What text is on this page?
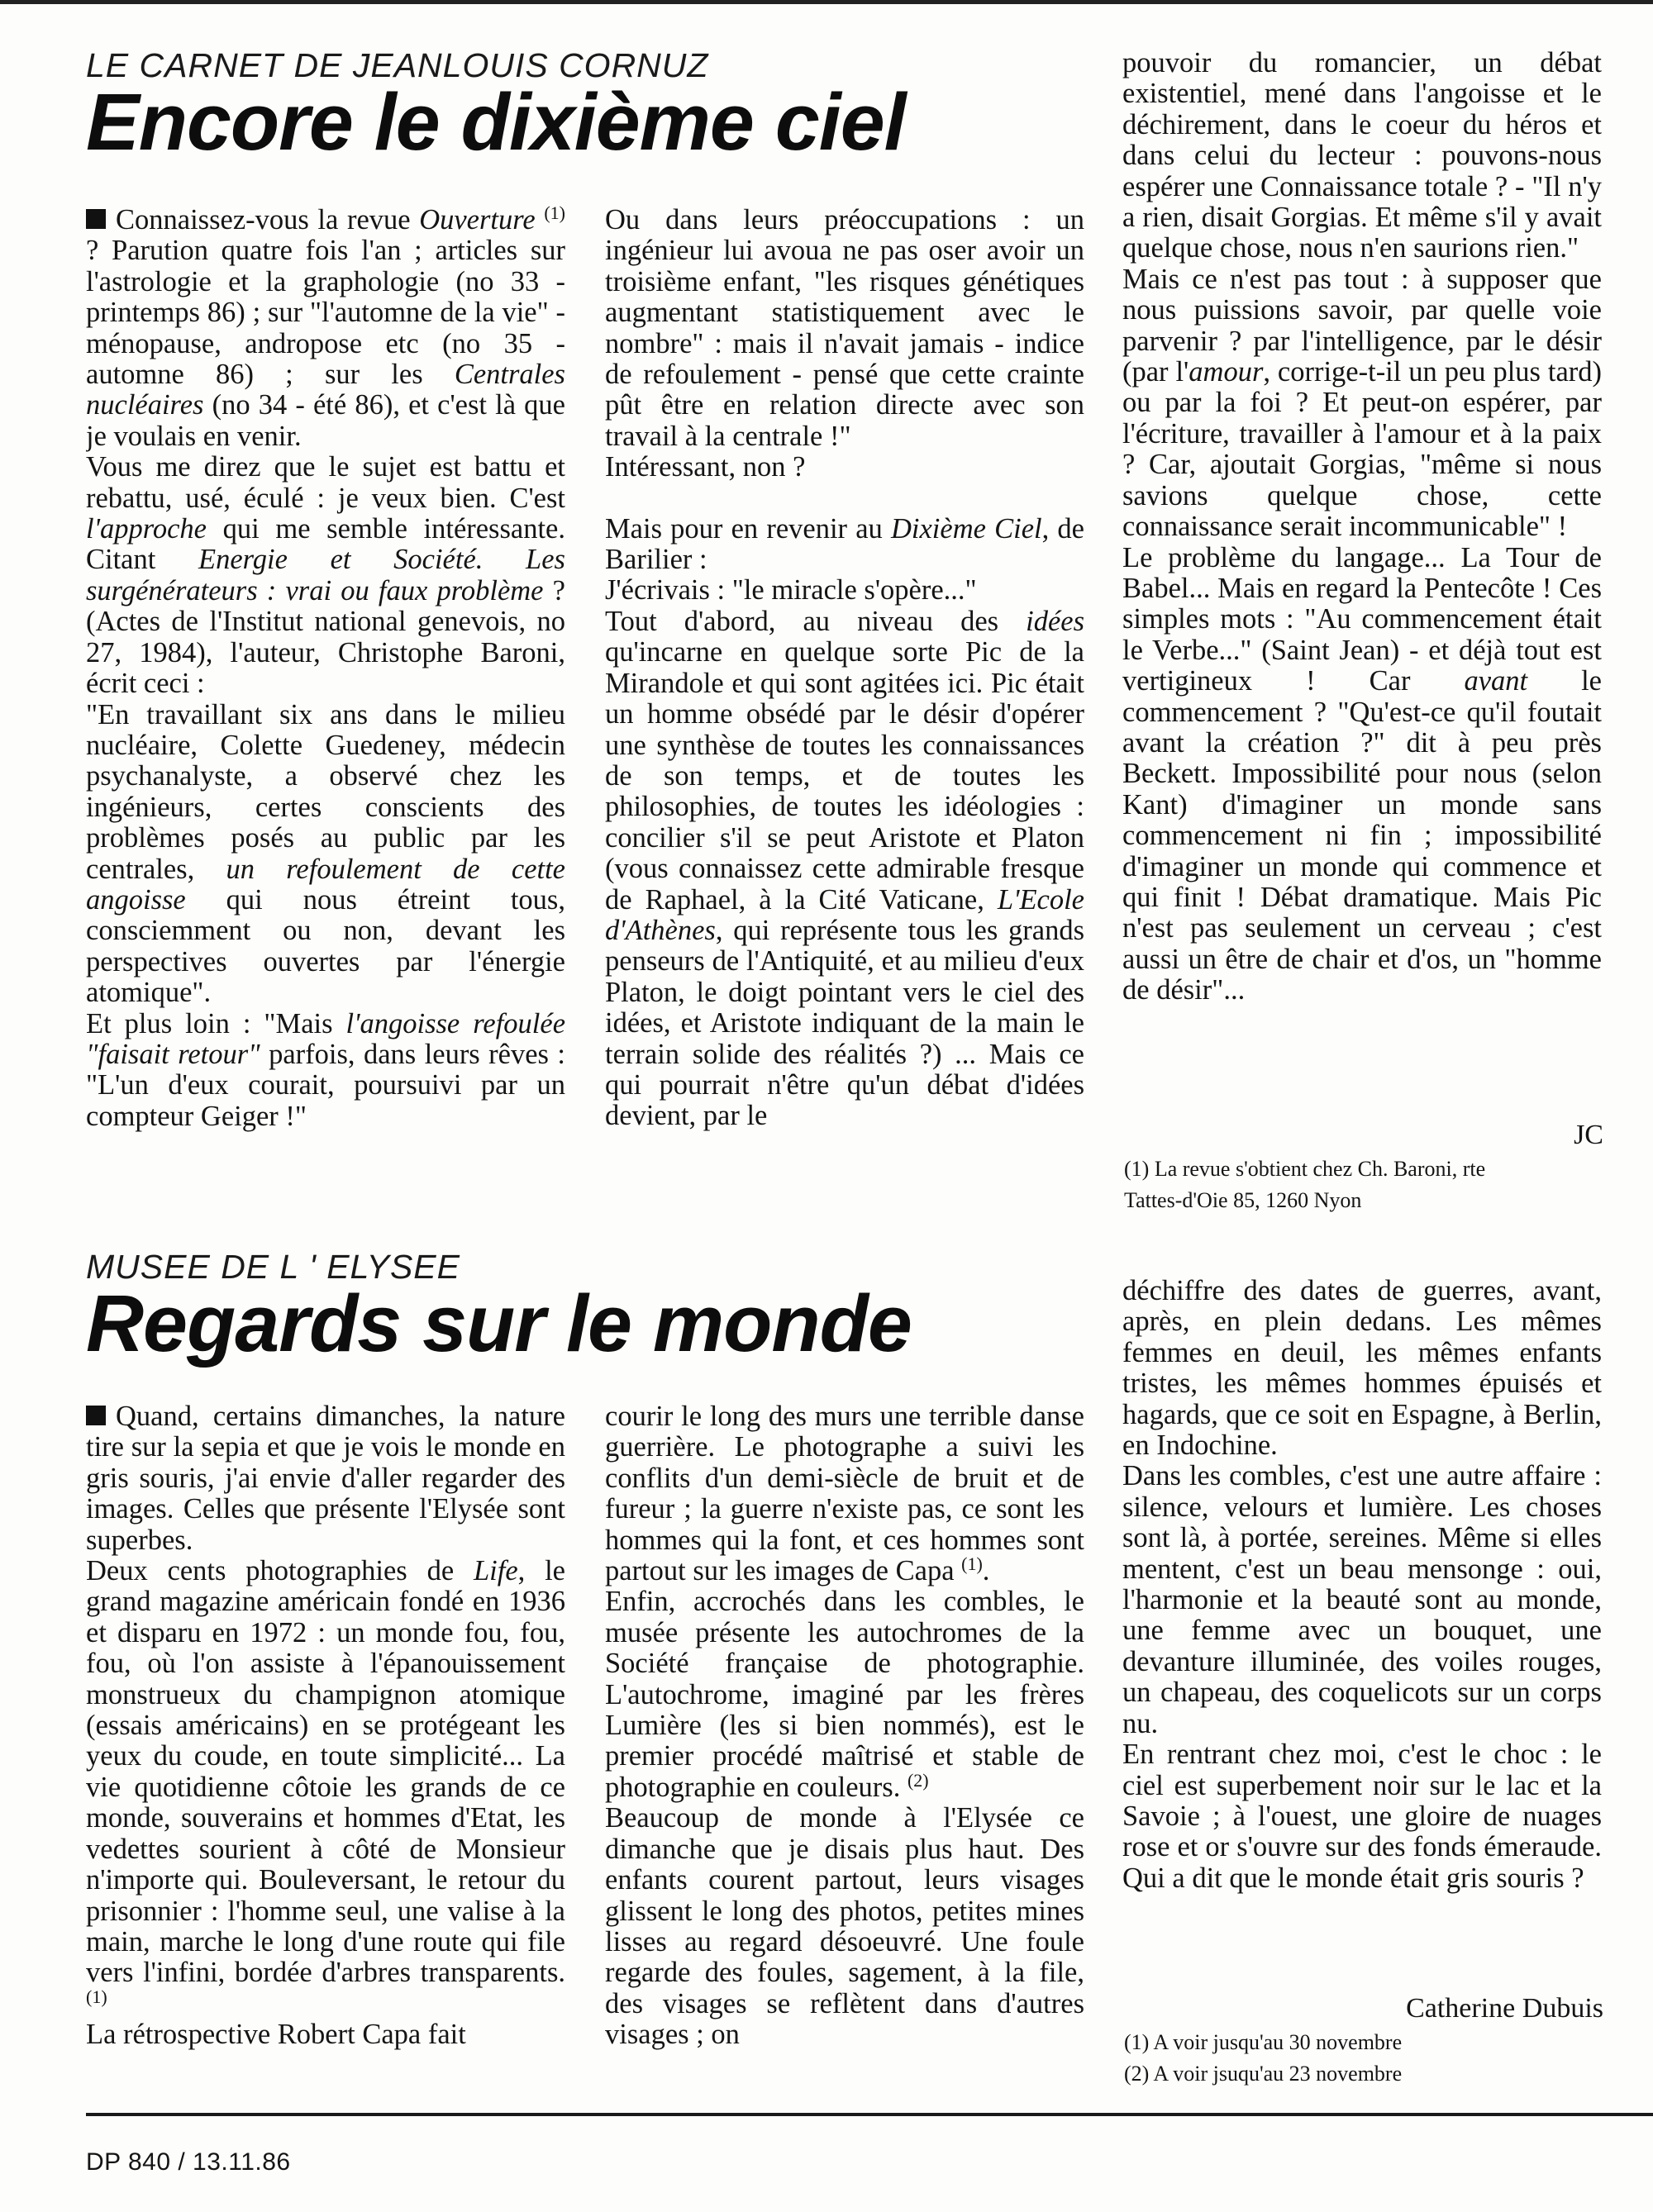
LE CARNET DE JEANLOUIS CORNUZ
Encore le dixième ciel

Connaissez-vous la revue Ouverture $^{(1)}$ ? Parution quatre fois l'an ; articles sur l'astrologie et la graphologie (no 33 - printemps 86) ; sur "l'automne de la vie" - ménopause, andropose etc (no 35 - automne 86) ; sur les Centrales nucléaires (no 34 - été 86), et c'est là que je voulais en venir.

Vous me direz que le sujet est battu et rebattu, usé, éculé : je veux bien. C'est l'approche qui me semble intéressante. Citant Energie et Société. Les surgénérateurs : vrai ou faux problème ? (Actes de l'Institut national genevois, no 27, 1984), l'auteur, Christophe Baroni, écrit ceci :

"En travaillant six ans dans le milieu nucléaire, Colette Guedeney, médecin psychanalyste, a observé chez les ingénieurs, certes conscients des problèmes posés au public par les centrales, un refoulement de cette angoisse qui nous étreint tous, consciemment ou non, devant les perspectives ouvertes par l'énergie atomique".

Et plus loin : "Mais l'angoisse refoulée "faisait retour" parfois, dans leurs rêves : "L'un d'eux courait, poursuivi par un compteur Geiger !"

Ou dans leurs préoccupations : un ingénieur lui avoua ne pas oser avoir un troisième enfant, "les risques génétiques augmentant statistiquement avec le nombre" : mais il n'avait jamais - indice de refoulement - pensé que cette crainte pût être en relation directe avec son travail à la centrale !"

Intéressant, non ?

Mais pour en revenir au Dixième Ciel, de Barilier :

J'écrivais : "le miracle s'opère..."

Tout d'abord, au niveau des idées qu'incarne en quelque sorte Pic de la Mirandole et qui sont agitées ici. Pic était un homme obsédé par le désir d'opérer une synthèse de toutes les connaissances de son temps, et de toutes les philosophies, de toutes les idéologies : concilier s'il se peut Aristote et Platon (vous connaissez cette admirable fresque de Raphael, à la Cité Vaticane, L'Ecole d'Athènes, qui représente tous les grands penseurs de l'Antiquité, et au milieu d'eux Platon, le doigt pointant vers le ciel des idées, et Aristote indiquant de la main le terrain solide des réalités ?) ... Mais ce qui pourrait n'être qu'un débat d'idées devient, par le

pouvoir du romancier, un débat existentiel, mené dans l'angoisse et le déchirement, dans le coeur du héros et dans celui du lecteur : pouvons-nous espérer une Connaissance totale ? - "Il n'y a rien, disait Gorgias. Et même s'il y avait quelque chose, nous n'en saurions rien."

Mais ce n'est pas tout : à supposer que nous puissions savoir, par quelle voie parvenir ? par l'intelligence, par le désir (par l'amour, corrige-t-il un peu plus tard) ou par la foi ? Et peut-on espérer, par l'écriture, travailler à l'amour et à la paix ? Car, ajoutait Gorgias, "même si nous savions quelque chose, cette connaissance serait incommunicable" !

Le problème du langage... La Tour de Babel... Mais en regard la Pentecôte ! Ces simples mots : "Au commencement était le Verbe..." (Saint Jean) - et déjà tout est vertigineux ! Car avant le commencement ? "Qu'est-ce qu'il foutait avant la création ?" dit à peu près Beckett. Impossibilité pour nous (selon Kant) d'imaginer un monde sans commencement ni fin ; impossibilité d'imaginer un monde qui commence et qui finit ! Débat dramatique. Mais Pic n'est pas seulement un cerveau ; c'est aussi un être de chair et d'os, un "homme de désir"...

JC
(1) La revue s'obtient chez Ch. Baroni, rte
Tattes-d'Oie 85, 1260 Nyon
MUSEE DE L ' ELYSEE
Regards sur le monde

Quand, certains dimanches, la nature tire sur la sepia et que je vois le monde en gris souris, j'ai envie d'aller regarder des images. Celles que présente l'Elysée sont superbes.

Deux cents photographies de Life, le grand magazine américain fondé en 1936 et disparu en 1972 : un monde fou, fou, fou, où l'on assiste à l'épanouissement monstrueux du champignon atomique (essais américains) en se protégeant les yeux du coude, en toute simplicité... La vie quotidienne côtoie les grands de ce monde, souverains et hommes d'Etat, les vedettes sourient à côté de Monsieur n'importe qui. Bouleversant, le retour du prisonnier : l'homme seul, une valise à la main, marche le long d'une route qui file vers l'infini, bordée d'arbres transparents. $^{(1)}$

La rétrospective Robert Capa fait

courir le long des murs une terrible danse guerrière. Le photographe a suivi les conflits d'un demi-siècle de bruit et de fureur ; la guerre n'existe pas, ce sont les hommes qui la font, et ces hommes sont partout sur les images de Capa $^{(1)}$.

Enfin, accrochés dans les combles, le musée présente les autochromes de la Société française de photographie. L'autochrome, imaginé par les frères Lumière (les si bien nommés), est le premier procédé maîtrisé et stable de photographie en couleurs. $^{(2)}$

Beaucoup de monde à l'Elysée ce dimanche que je disais plus haut. Des enfants courent partout, leurs visages glissent le long des photos, petites mines lisses au regard désoeuvré. Une foule regarde des foules, sagement, à la file, des visages se reflètent dans d'autres visages ; on

déchiffre des dates de guerres, avant, après, en plein dedans. Les mêmes femmes en deuil, les mêmes enfants tristes, les mêmes hommes épuisés et hagards, que ce soit en Espagne, à Berlin, en Indochine.

Dans les combles, c'est une autre affaire : silence, velours et lumière. Les choses sont là, à portée, sereines. Même si elles mentent, c'est un beau mensonge : oui, l'harmonie et la beauté sont au monde, une femme avec un bouquet, une devanture illuminée, des voiles rouges, un chapeau, des coquelicots sur un corps nu.

En rentrant chez moi, c'est le choc : le ciel est superbement noir sur le lac et la Savoie ; à l'ouest, une gloire de nuages rose et or s'ouvre sur des fonds émeraude. Qui a dit que le monde était gris souris ?

Catherine Dubuis
(1) A voir jusqu'au 30 novembre
(2) A voir jsuqu'au 23 novembre
DP 840 / 13.11.86
